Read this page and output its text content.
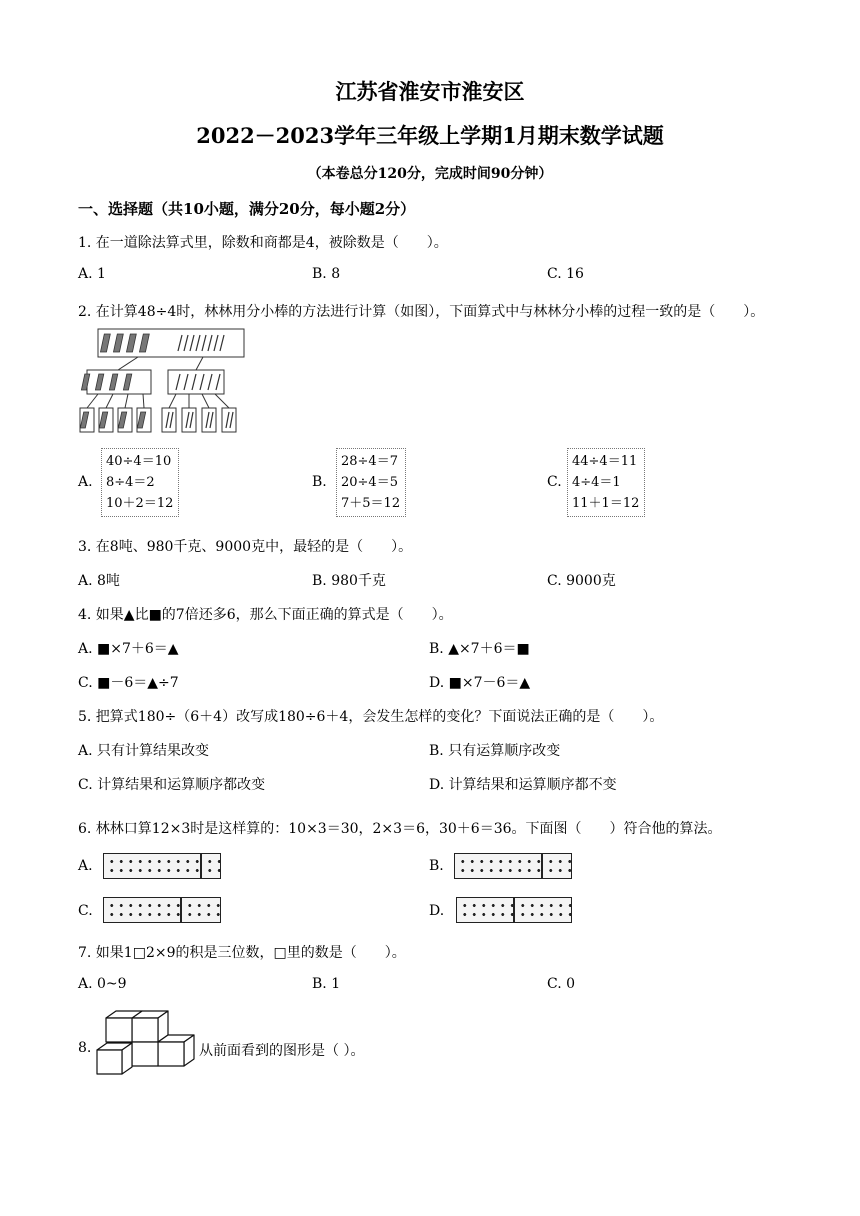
江苏省淮安市淮安区
2022－2023学年三年级上学期1月期末数学试题
（本卷总分120分，完成时间90分钟）
一、选择题（共10小题，满分20分，每小题2分）
1. 在一道除法算式里，除数和商都是4，被除数是（　　）。
A. 1	B. 8	C. 16
2. 在计算48÷4时，林林用分小棒的方法进行计算（如图），下面算式中与林林分小棒的过程一致的是（　　）。
A.
40÷4＝10
8÷4＝2
10＋2＝12
B.
28÷4＝7
20÷4＝5
7＋5＝12
C.
44÷4＝11
4÷4＝1
11＋1＝12
3. 在8吨、980千克、9000克中，最轻的是（　　）。
A. 8吨	B. 980千克	C. 9000克
4. 如果▲比■的7倍还多6，那么下面正确的算式是（　　）。
A. ■×7＋6＝▲	B. ▲×7＋6＝■
C. ■－6＝▲÷7	D. ■×7－6＝▲
5. 把算式180÷（6＋4）改写成180÷6＋4，会发生怎样的变化？下面说法正确的是（　　）。
A. 只有计算结果改变	B. 只有运算顺序改变
C. 计算结果和运算顺序都改变	D. 计算结果和运算顺序都不变
6. 林林口算12×3时是这样算的：10×3＝30，2×3＝6，30＋6＝36。下面图（　　）符合他的算法。
A.	B.
C.	D.
7. 如果1□2×9的积是三位数，□里的数是（　　）。
A. 0~9	B. 1	C. 0
8.	从前面看到的图形是（ ）。
